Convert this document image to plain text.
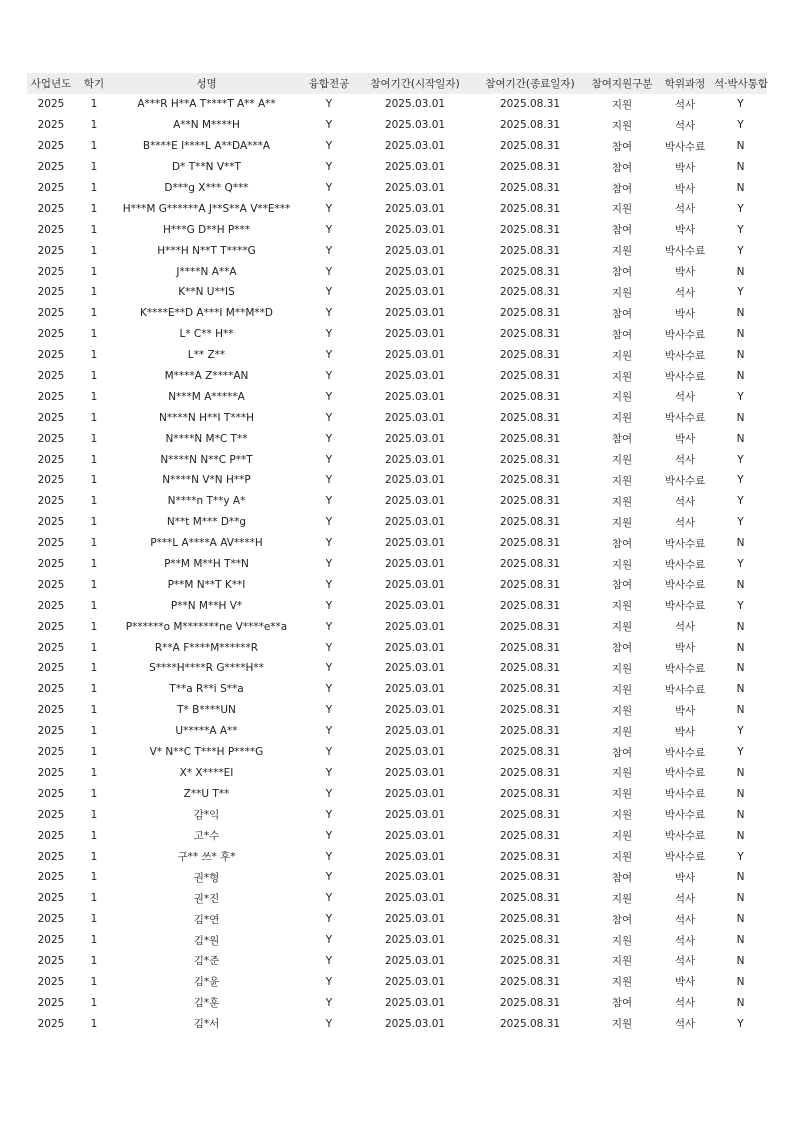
사업년도	학기	성명	융합전공	참여기간(시작일자)	참여기간(종료일자)	참여지원구분	학위과정	석·박사통합
2025	1	A***R H**A T****T A** A**	Y	2025.03.01	2025.08.31	지원	석사	Y
2025	1	A**N M****H	Y	2025.03.01	2025.08.31	지원	석사	Y
2025	1	B****E I****L A**DA***A	Y	2025.03.01	2025.08.31	참여	박사수료	N
2025	1	D* T**N V**T	Y	2025.03.01	2025.08.31	참여	박사	N
2025	1	D***g X*** Q***	Y	2025.03.01	2025.08.31	참여	박사	N
2025	1	H***M G******A J**S**A V**E***	Y	2025.03.01	2025.08.31	지원	석사	Y
2025	1	H***G D**H P***	Y	2025.03.01	2025.08.31	참여	박사	Y
2025	1	H***H N**T T****G	Y	2025.03.01	2025.08.31	지원	박사수료	Y
2025	1	J****N A**A	Y	2025.03.01	2025.08.31	참여	박사	N
2025	1	K**N U**IS	Y	2025.03.01	2025.08.31	지원	석사	Y
2025	1	K****E**D A***I M**M**D	Y	2025.03.01	2025.08.31	참여	박사	N
2025	1	L* C** H**	Y	2025.03.01	2025.08.31	참여	박사수료	N
2025	1	L** Z**	Y	2025.03.01	2025.08.31	지원	박사수료	N
2025	1	M****A Z****AN	Y	2025.03.01	2025.08.31	지원	박사수료	N
2025	1	N***M A*****A	Y	2025.03.01	2025.08.31	지원	석사	Y
2025	1	N****N H**I T***H	Y	2025.03.01	2025.08.31	지원	박사수료	N
2025	1	N****N M*C T**	Y	2025.03.01	2025.08.31	참여	박사	N
2025	1	N****N N**C P**T	Y	2025.03.01	2025.08.31	지원	석사	Y
2025	1	N****N V*N H**P	Y	2025.03.01	2025.08.31	지원	박사수료	Y
2025	1	N****n T**y A*	Y	2025.03.01	2025.08.31	지원	석사	Y
2025	1	N**t M*** D**g	Y	2025.03.01	2025.08.31	지원	석사	Y
2025	1	P***L A****A AV****H	Y	2025.03.01	2025.08.31	참여	박사수료	N
2025	1	P**M M**H T**N	Y	2025.03.01	2025.08.31	지원	박사수료	Y
2025	1	P**M N**T K**I	Y	2025.03.01	2025.08.31	참여	박사수료	N
2025	1	P**N M**H V*	Y	2025.03.01	2025.08.31	지원	박사수료	Y
2025	1	P******o M*******ne V****e**a	Y	2025.03.01	2025.08.31	지원	석사	N
2025	1	R**A F****M******R	Y	2025.03.01	2025.08.31	참여	박사	N
2025	1	S****H****R G****H**	Y	2025.03.01	2025.08.31	지원	박사수료	N
2025	1	T**a R**i S**a	Y	2025.03.01	2025.08.31	지원	박사수료	N
2025	1	T* B****UN	Y	2025.03.01	2025.08.31	지원	박사	N
2025	1	U*****A A**	Y	2025.03.01	2025.08.31	지원	박사	Y
2025	1	V* N**C T***H P****G	Y	2025.03.01	2025.08.31	참여	박사수료	Y
2025	1	X* X****EI	Y	2025.03.01	2025.08.31	지원	박사수료	N
2025	1	Z**U T**	Y	2025.03.01	2025.08.31	지원	박사수료	N
2025	1	감*익	Y	2025.03.01	2025.08.31	지원	박사수료	N
2025	1	고*수	Y	2025.03.01	2025.08.31	지원	박사수료	N
2025	1	구** 쓰* 후*	Y	2025.03.01	2025.08.31	지원	박사수료	Y
2025	1	권*형	Y	2025.03.01	2025.08.31	참여	박사	N
2025	1	권*진	Y	2025.03.01	2025.08.31	지원	석사	N
2025	1	김*연	Y	2025.03.01	2025.08.31	참여	석사	N
2025	1	김*원	Y	2025.03.01	2025.08.31	지원	석사	N
2025	1	김*준	Y	2025.03.01	2025.08.31	지원	석사	N
2025	1	김*윤	Y	2025.03.01	2025.08.31	지원	박사	N
2025	1	김*훈	Y	2025.03.01	2025.08.31	참여	석사	N
2025	1	김*서	Y	2025.03.01	2025.08.31	지원	석사	Y
